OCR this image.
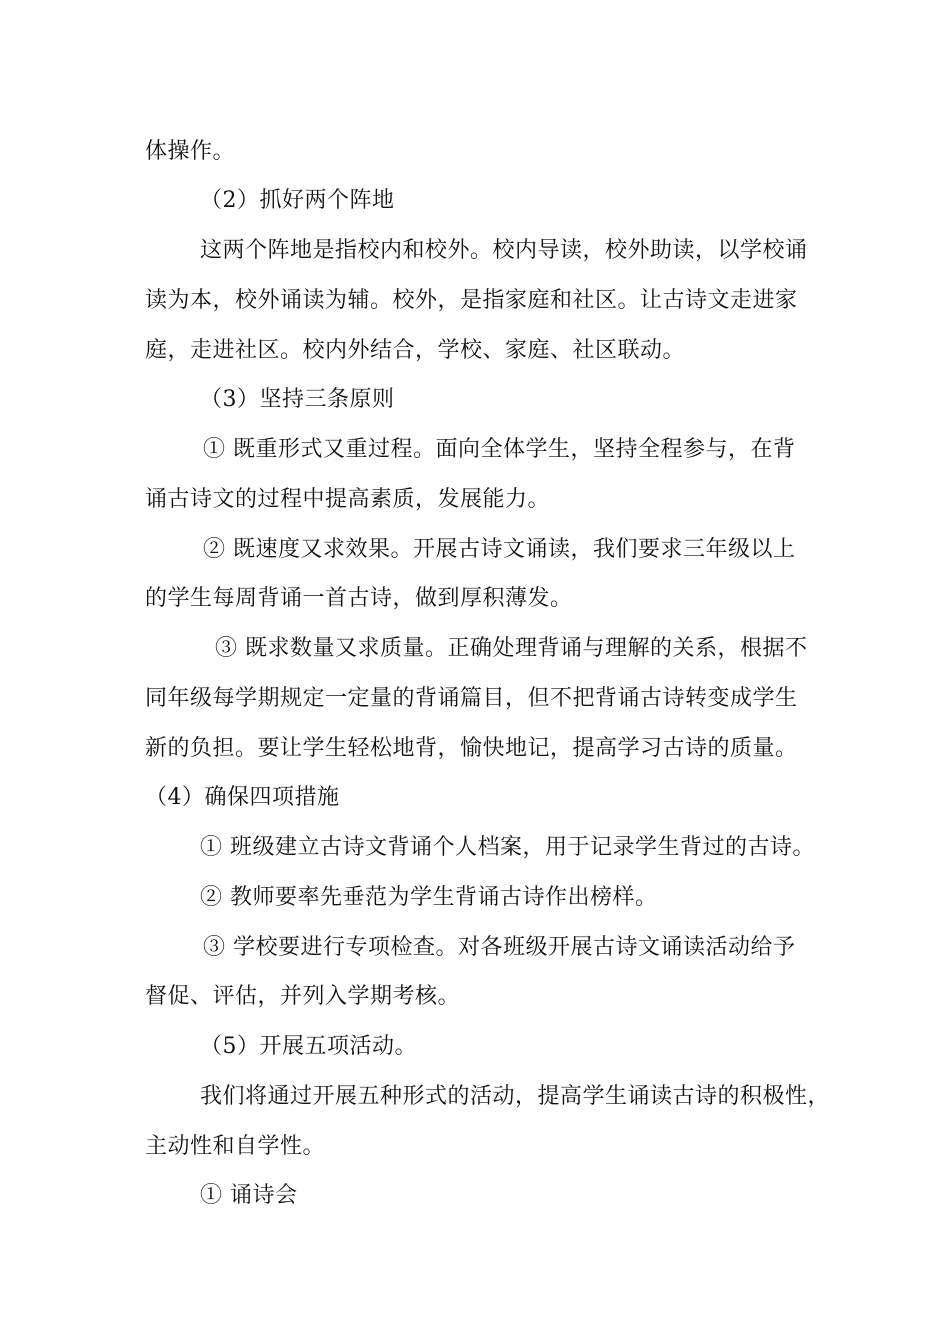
体操作。
（2）抓好两个阵地
这两个阵地是指校内和校外。校内导读，校外助读，以学校诵
读为本，校外诵读为辅。校外，是指家庭和社区。让古诗文走进家
庭，走进社区。校内外结合，学校、家庭、社区联动。
（3）坚持三条原则
① 既重形式又重过程。面向全体学生，坚持全程参与，在背
诵古诗文的过程中提高素质，发展能力。
② 既速度又求效果。开展古诗文诵读，我们要求三年级以上
的学生每周背诵一首古诗，做到厚积薄发。
③ 既求数量又求质量。正确处理背诵与理解的关系，根据不
同年级每学期规定一定量的背诵篇目，但不把背诵古诗转变成学生
新的负担。要让学生轻松地背，愉快地记，提高学习古诗的质量。
（4）确保四项措施
① 班级建立古诗文背诵个人档案，用于记录学生背过的古诗。
② 教师要率先垂范为学生背诵古诗作出榜样。
③ 学校要进行专项检查。对各班级开展古诗文诵读活动给予
督促、评估，并列入学期考核。
（5）开展五项活动。
我们将通过开展五种形式的活动，提高学生诵读古诗的积极性，
主动性和自学性。
① 诵诗会
